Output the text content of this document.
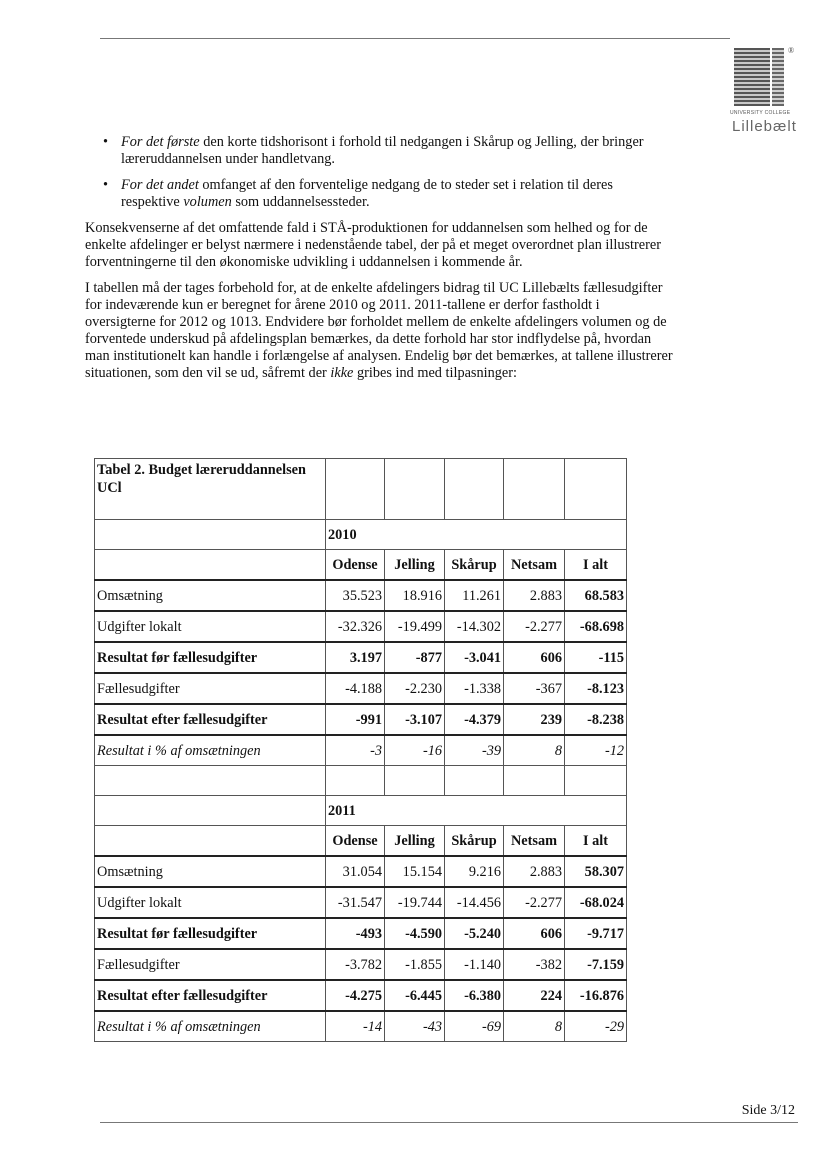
®
UNIVERSITY COLLEGE
Lillebælt
• For det første den korte tidshorisont i forhold til nedgangen i Skårup og Jelling, der bringer læreruddannelsen under handletvang.
• For det andet omfanget af den forventelige nedgang de to steder set i relation til deres respektive volumen som uddannelsessteder.

Konsekvenserne af det omfattende fald i STÅ-produktionen for uddannelsen som helhed og for de enkelte afdelinger er belyst nærmere i nedenstående tabel, der på et meget overordnet plan illustrerer forventningerne til den økonomiske udvikling i uddannelsen i kommende år.

I tabellen må der tages forbehold for, at de enkelte afdelingers bidrag til UC Lillebælts fællesudgifter for indeværende kun er beregnet for årene 2010 og 2011. 2011-tallene er derfor fastholdt i oversigterne for 2012 og 1013. Endvidere bør forholdet mellem de enkelte afdelingers volumen og de forventede underskud på afdelingsplan bemærkes, da dette forhold har stor indflydelse på, hvordan man institutionelt kan handle i forlængelse af analysen. Endelig bør det bemærkes, at tallene illustrerer situationen, som den vil se ud, såfremt der ikke gribes ind med tilpasninger:

Tabel 2. Budget læreruddannelsen UCl					
	2010				
	Odense	Jelling	Skårup	Netsam	I alt
Omsætning	35.523	18.916	11.261	2.883	68.583
Udgifter lokalt	-32.326	-19.499	-14.302	-2.277	-68.698
Resultat før fællesudgifter	3.197	-877	-3.041	606	-115
Fællesudgifter	-4.188	-2.230	-1.338	-367	-8.123
Resultat efter fællesudgifter	-991	-3.107	-4.379	239	-8.238
Resultat i % af omsætningen	-3	-16	-39	8	-12

	2011				
	Odense	Jelling	Skårup	Netsam	I alt
Omsætning	31.054	15.154	9.216	2.883	58.307
Udgifter lokalt	-31.547	-19.744	-14.456	-2.277	-68.024
Resultat før fællesudgifter	-493	-4.590	-5.240	606	-9.717
Fællesudgifter	-3.782	-1.855	-1.140	-382	-7.159
Resultat efter fællesudgifter	-4.275	-6.445	-6.380	224	-16.876
Resultat i % af omsætningen	-14	-43	-69	8	-29
Side 3/12
